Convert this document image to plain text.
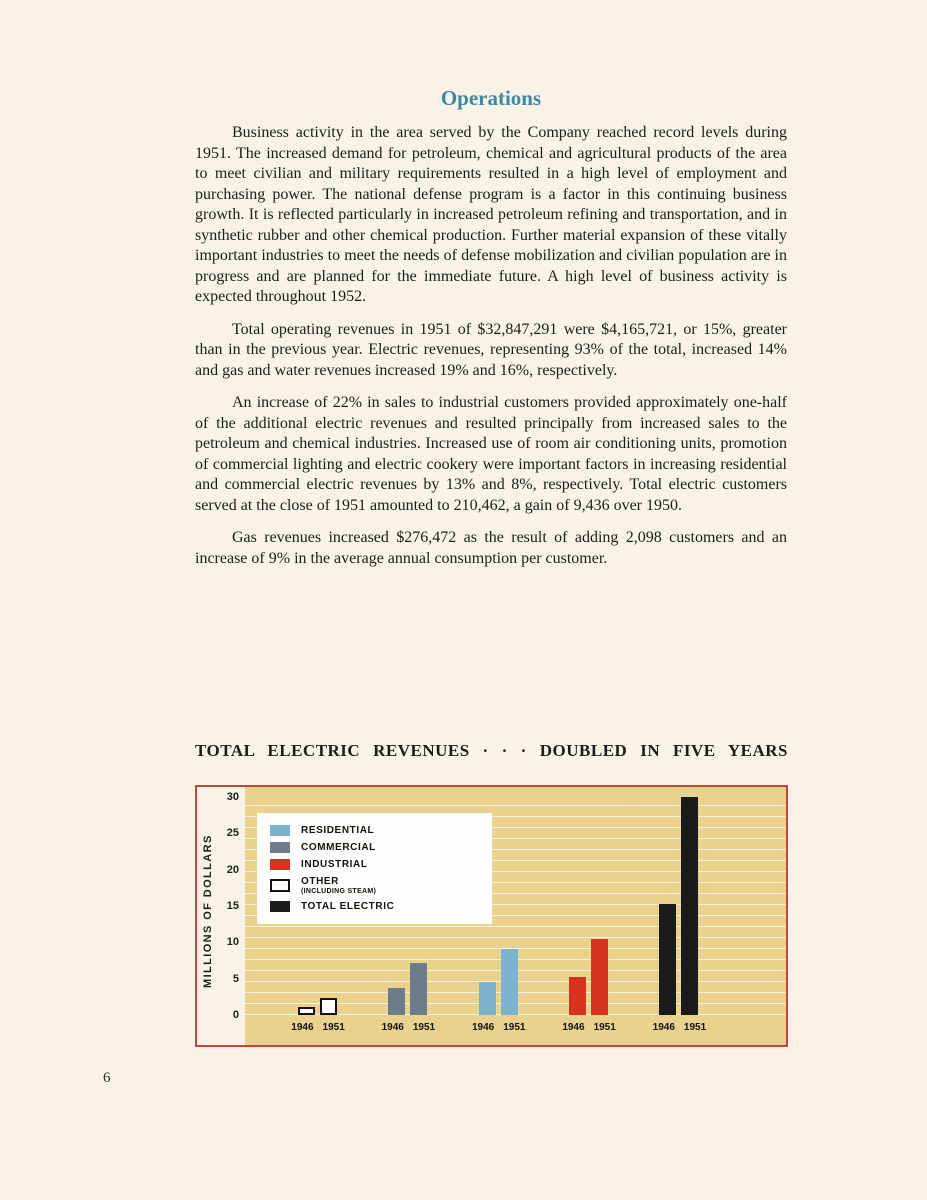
Operations

Business activity in the area served by the Company reached record levels during 1951. The increased demand for petroleum, chemical and agricultural products of the area to meet civilian and military requirements resulted in a high level of employment and purchasing power. The national defense program is a factor in this continuing business growth. It is reflected particularly in increased petroleum refining and transportation, and in synthetic rubber and other chemical production. Further material expansion of these vitally important industries to meet the needs of defense mobilization and civilian population are in progress and are planned for the immediate future. A high level of business activity is expected throughout 1952.

Total operating revenues in 1951 of $32,847,291 were $4,165,721, or 15%, greater than in the previous year. Electric revenues, representing 93% of the total, increased 14% and gas and water revenues increased 19% and 16%, respectively.

An increase of 22% in sales to industrial customers provided approximately one-half of the additional electric revenues and resulted principally from increased sales to the petroleum and chemical industries. Increased use of room air conditioning units, promotion of commercial lighting and electric cookery were important factors in increasing residential and commercial electric revenues by 13% and 8%, respectively. Total electric customers served at the close of 1951 amounted to 210,462, a gain of 9,436 over 1950.

Gas revenues increased $276,472 as the result of adding 2,098 customers and an increase of 9% in the average annual consumption per customer.

TOTAL ELECTRIC REVENUES · · · DOUBLED IN FIVE YEARS
MILLIONS OF DOLLARS
0
5
10
15
20
25
30
RESIDENTIAL
COMMERCIAL
INDUSTRIAL
OTHER
(INCLUDING STEAM)
TOTAL ELECTRIC
1946 1951	1946 1951	1946 1951	1946 1951	1946 1951
6
